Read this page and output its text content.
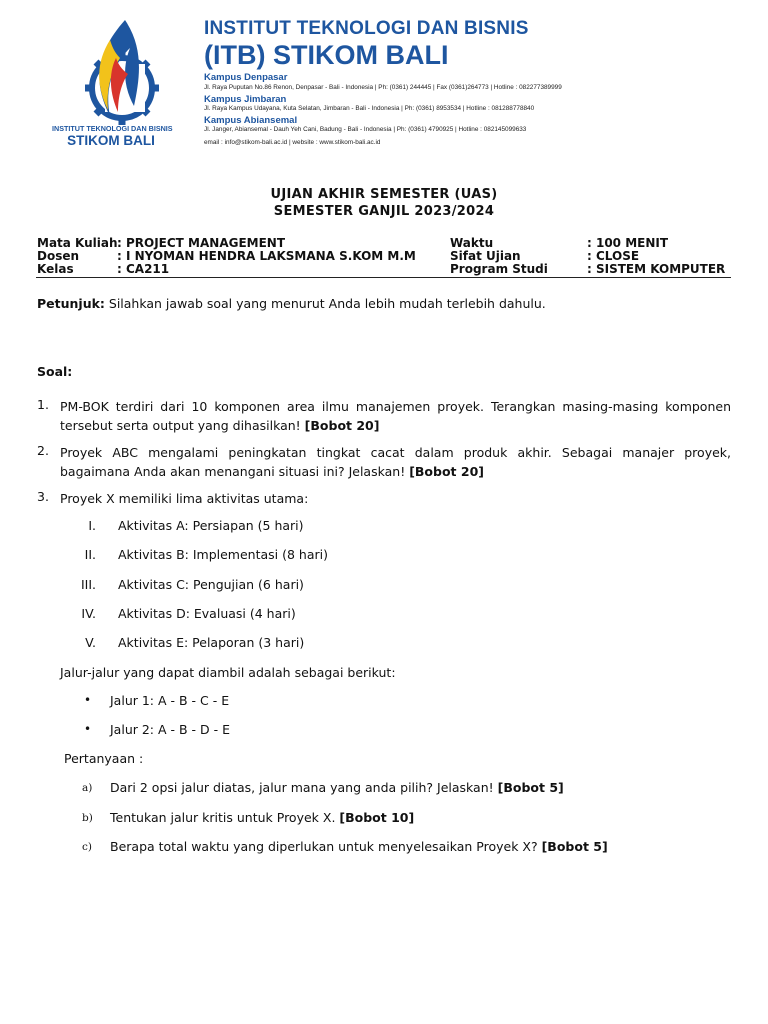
INSTITUT TEKNOLOGI DAN BISNIS
STIKOM BALI
INSTITUT TEKNOLOGI DAN BISNIS
(ITB) STIKOM BALI
Kampus Denpasar
Jl. Raya Puputan No.86 Renon, Denpasar - Bali - Indonesia | Ph: (0361) 244445 | Fax (0361)264773 | Hotline : 082277389999
Kampus Jimbaran
Jl. Raya Kampus Udayana, Kuta Selatan, Jimbaran - Bali - Indonesia | Ph: (0361) 8953534 | Hotline : 081288778840
Kampus Abiansemal
Jl. Janger, Abiansemal - Dauh Yeh Cani, Badung - Bali - Indonesia | Ph: (0361) 4790925 | Hotline : 082145099633
email : info@stikom-bali.ac.id | website : www.stikom-bali.ac.id
UJIAN AKHIR SEMESTER (UAS)
SEMESTER GANJIL 2023/2024
Mata Kuliah : PROJECT MANAGEMENT
Dosen	: I NYOMAN HENDRA LAKSMANA S.KOM M.M
Kelas	: CA211
Waktu	: 100 MENIT
Sifat Ujian	: CLOSE
Program Studi	: SISTEM KOMPUTER
Petunjuk: Silahkan jawab soal yang menurut Anda lebih mudah terlebih dahulu.
Soal:
1. PM-BOK terdiri dari 10 komponen area ilmu manajemen proyek. Terangkan masing-masing komponen tersebut serta output yang dihasilkan! [Bobot 20]
2. Proyek ABC mengalami peningkatan tingkat cacat dalam produk akhir. Sebagai manajer proyek, bagaimana Anda akan menangani situasi ini? Jelaskan! [Bobot 20]
3. Proyek X memiliki lima aktivitas utama:
I. Aktivitas A: Persiapan (5 hari)
II. Aktivitas B: Implementasi (8 hari)
III. Aktivitas C: Pengujian (6 hari)
IV. Aktivitas D: Evaluasi (4 hari)
V. Aktivitas E: Pelaporan (3 hari)
Jalur-jalur yang dapat diambil adalah sebagai berikut:
• Jalur 1: A - B - C - E
• Jalur 2: A - B - D - E
Pertanyaan :
a) Dari 2 opsi jalur diatas, jalur mana yang anda pilih? Jelaskan! [Bobot 5]
b) Tentukan jalur kritis untuk Proyek X. [Bobot 10]
c) Berapa total waktu yang diperlukan untuk menyelesaikan Proyek X? [Bobot 5]
